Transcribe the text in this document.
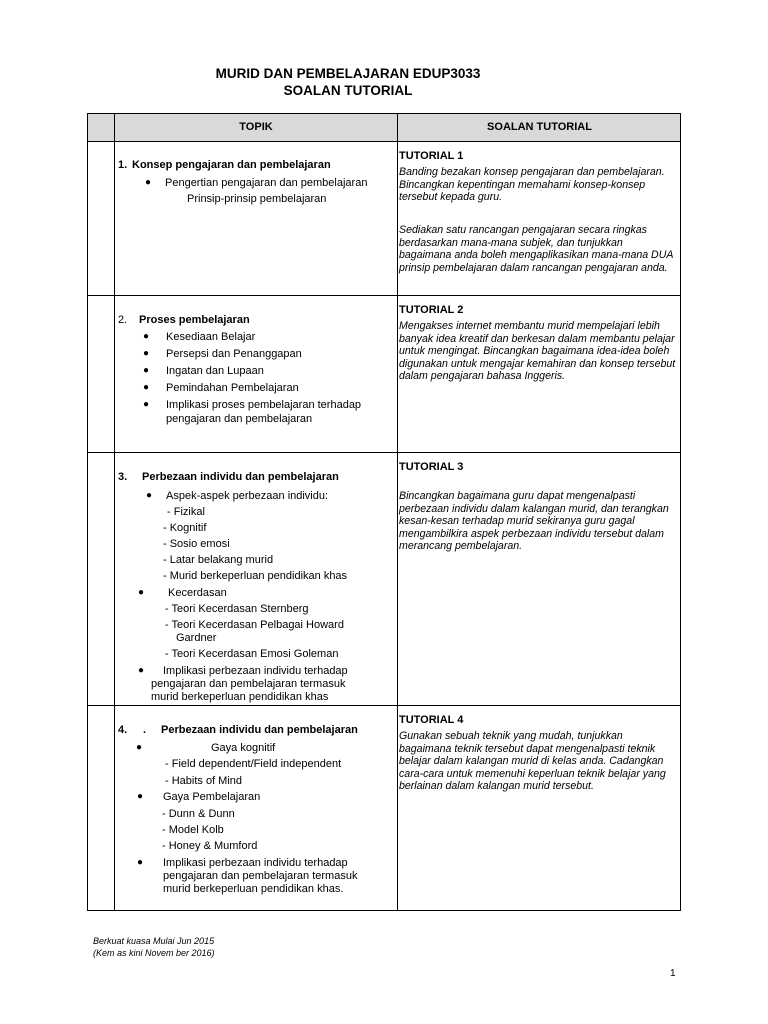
MURID DAN PEMBELAJARAN EDUP3033
SOALAN TUTORIAL
TOPIK	SOALAN TUTORIAL
1. Konsep pengajaran dan pembelajaran
● Pengertian pengajaran dan pembelajaran
Prinsip-prinsip pembelajaran
TUTORIAL 1
Banding bezakan konsep pengajaran dan pembelajaran. Bincangkan kepentingan memahami konsep-konsep tersebut kepada guru.
Sediakan satu rancangan pengajaran secara ringkas berdasarkan mana-mana subjek, dan tunjukkan bagaimana anda boleh mengaplikasikan mana-mana DUA prinsip pembelajaran dalam rancangan pengajaran anda.
2. Proses pembelajaran
● Kesediaan Belajar
● Persepsi dan Penanggapan
● Ingatan dan Lupaan
● Pemindahan Pembelajaran
● Implikasi proses pembelajaran terhadap pengajaran dan pembelajaran
TUTORIAL 2
Mengakses internet membantu murid mempelajari lebih banyak idea kreatif dan berkesan dalam membantu pelajar untuk mengingat. Bincangkan bagaimana idea-idea boleh digunakan untuk mengajar kemahiran dan konsep tersebut dalam pengajaran bahasa Inggeris.
3. Perbezaan individu dan pembelajaran
● Aspek-aspek perbezaan individu:
- Fizikal
- Kognitif
- Sosio emosi
- Latar belakang murid
- Murid berkeperluan pendidikan khas
● Kecerdasan
- Teori Kecerdasan Sternberg
- Teori Kecerdasan Pelbagai Howard
Gardner
- Teori Kecerdasan Emosi Goleman
● Implikasi perbezaan individu terhadap
pengajaran dan pembelajaran termasuk
murid berkeperluan pendidikan khas
TUTORIAL 3
Bincangkan bagaimana guru dapat mengenalpasti perbezaan individu dalam kalangan murid, dan terangkan kesan-kesan terhadap murid sekiranya guru gagal mengambilkira aspek perbezaan individu tersebut dalam merancang pembelajaran.
4. . Perbezaan individu dan pembelajaran
●	Gaya kognitif
- Field dependent/Field independent
- Habits of Mind
● Gaya Pembelajaran
- Dunn & Dunn
- Model Kolb
- Honey & Mumford
● Implikasi perbezaan individu terhadap
pengajaran dan pembelajaran termasuk
murid berkeperluan pendidikan khas.
TUTORIAL 4
Gunakan sebuah teknik yang mudah, tunjukkan bagaimana teknik tersebut dapat mengenalpasti teknik belajar dalam kalangan murid di kelas anda. Cadangkan cara-cara untuk memenuhi keperluan teknik belajar yang berlainan dalam kalangan murid tersebut.
Berkuat kuasa Mulai Jun 2015
(Kem as kini Novem ber 2016)
1
